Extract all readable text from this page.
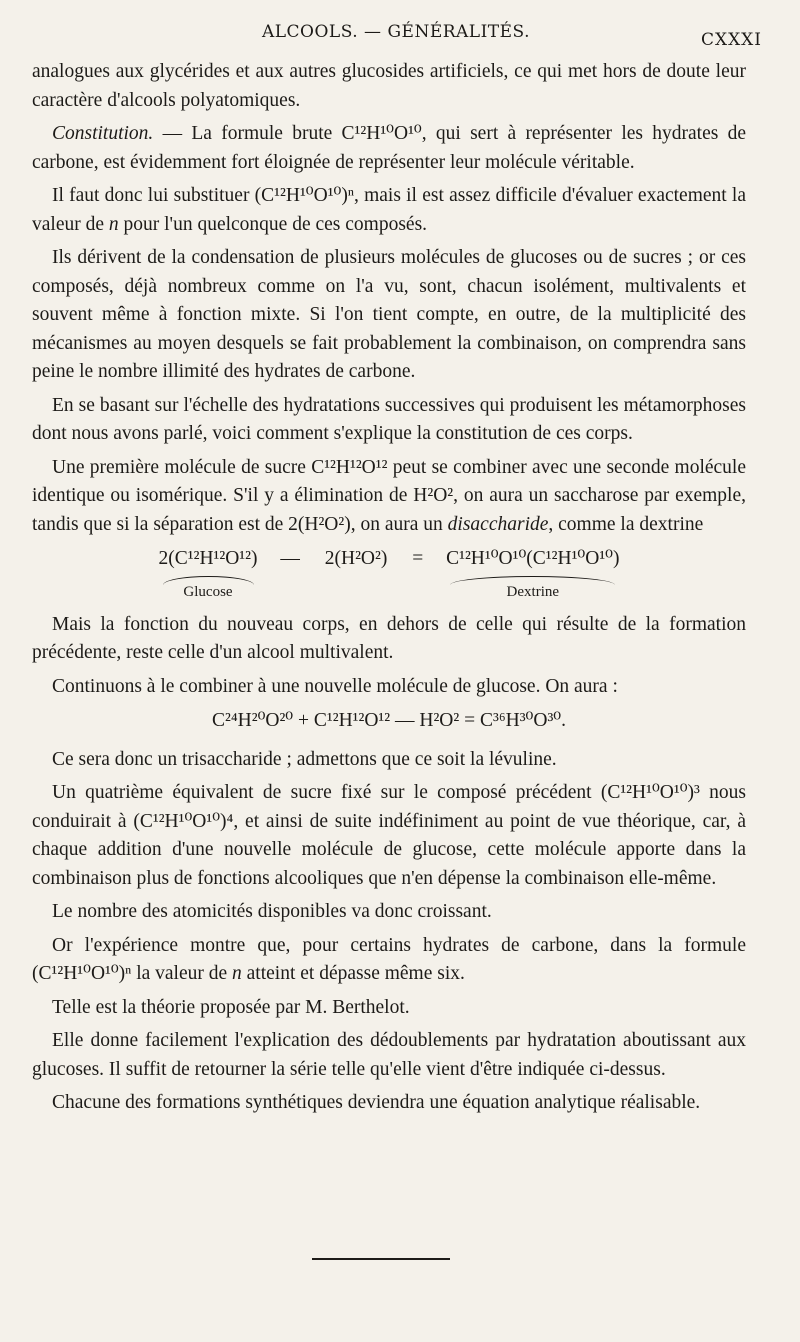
ALCOOLS. — GÉNÉRALITÉS.	CXXXI

analogues aux glycérides et aux autres glucosides artificiels, ce qui met hors de doute leur caractère d'alcools polyatomiques.

Constitution. — La formule brute C¹²H¹⁰O¹⁰, qui sert à représenter les hydrates de carbone, est évidemment fort éloignée de représenter leur molécule véritable.

Il faut donc lui substituer (C¹²H¹⁰O¹⁰)ⁿ, mais il est assez difficile d'évaluer exactement la valeur de n pour l'un quelconque de ces composés.

Ils dérivent de la condensation de plusieurs molécules de glucoses ou de sucres ; or ces composés, déjà nombreux comme on l'a vu, sont, chacun isolément, multivalents et souvent même à fonction mixte. Si l'on tient compte, en outre, de la multiplicité des mécanismes au moyen desquels se fait probablement la combinaison, on comprendra sans peine le nombre illimité des hydrates de carbone.

En se basant sur l'échelle des hydratations successives qui produisent les métamorphoses dont nous avons parlé, voici comment s'explique la constitution de ces corps.

Une première molécule de sucre C¹²H¹²O¹² peut se combiner avec une seconde molécule identique ou isomérique. S'il y a élimination de H²O², on aura un saccharose par exemple, tandis que si la séparation est de 2(H²O²), on aura un disaccharide, comme la dextrine

2(C¹²H¹²O¹²)
Glucose
— 2(H²O²) = C¹²H¹⁰O¹⁰(C¹²H¹⁰O¹⁰)
Dextrine

Mais la fonction du nouveau corps, en dehors de celle qui résulte de la formation précédente, reste celle d'un alcool multivalent.

Continuons à le combiner à une nouvelle molécule de glucose. On aura :

C²⁴H²⁰O²⁰ + C¹²H¹²O¹² — H²O² = C³⁶H³⁰O³⁰.

Ce sera donc un trisaccharide ; admettons que ce soit la lévuline.

Un quatrième équivalent de sucre fixé sur le composé précédent (C¹²H¹⁰O¹⁰)³ nous conduirait à (C¹²H¹⁰O¹⁰)⁴, et ainsi de suite indéfiniment au point de vue théorique, car, à chaque addition d'une nouvelle molécule de glucose, cette molécule apporte dans la combinaison plus de fonctions alcooliques que n'en dépense la combinaison elle-même.

Le nombre des atomicités disponibles va donc croissant.

Or l'expérience montre que, pour certains hydrates de carbone, dans la formule (C¹²H¹⁰O¹⁰)ⁿ la valeur de n atteint et dépasse même six.

Telle est la théorie proposée par M. Berthelot.

Elle donne facilement l'explication des dédoublements par hydratation aboutissant aux glucoses. Il suffit de retourner la série telle qu'elle vient d'être indiquée ci-dessus.

Chacune des formations synthétiques deviendra une équation analytique réalisable.
